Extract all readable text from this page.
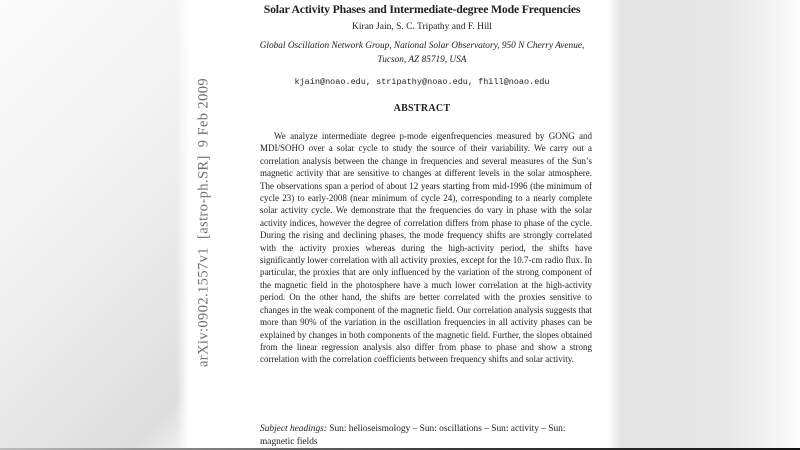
arXiv:0902.1557v1  [astro-ph.SR]  9 Feb 2009
Solar Activity Phases and Intermediate-degree Mode Frequencies
Kiran Jain, S. C. Tripathy and F. Hill
Global Oscillation Network Group, National Solar Observatory, 950 N Cherry Avenue,
Tucson, AZ 85719, USA
kjain@noao.edu, stripathy@noao.edu, fhill@noao.edu
ABSTRACT

We analyze intermediate degree p-mode eigenfrequencies measured by GONG and MDI/SOHO over a solar cycle to study the source of their variability. We carry out a correlation analysis between the change in frequencies and several measures of the Sun’s magnetic activity that are sensitive to changes at different levels in the solar atmosphere. The observations span a period of about 12 years starting from mid-1996 (the minimum of cycle 23) to early-2008 (near minimum of cycle 24), corresponding to a nearly complete solar activity cycle. We demonstrate that the frequencies do vary in phase with the solar activity indices, however the degree of correlation differs from phase to phase of the cycle. During the rising and declining phases, the mode frequency shifts are strongly correlated with the activity proxies whereas during the high-activity period, the shifts have significantly lower correlation with all activity proxies, except for the 10.7-cm radio flux. In particular, the proxies that are only influenced by the variation of the strong component of the magnetic field in the photosphere have a much lower correlation at the high-activity period. On the other hand, the shifts are better correlated with the proxies sensitive to changes in the weak component of the magnetic field. Our correlation analysis suggests that more than 90% of the variation in the oscillation frequencies in all activity phases can be explained by changes in both components of the magnetic field. Further, the slopes obtained from the linear regression analysis also differ from phase to phase and show a strong correlation with the correlation coefficients between frequency shifts and solar activity.

Subject headings: Sun: helioseismology – Sun: oscillations – Sun: activity – Sun: magnetic fields
